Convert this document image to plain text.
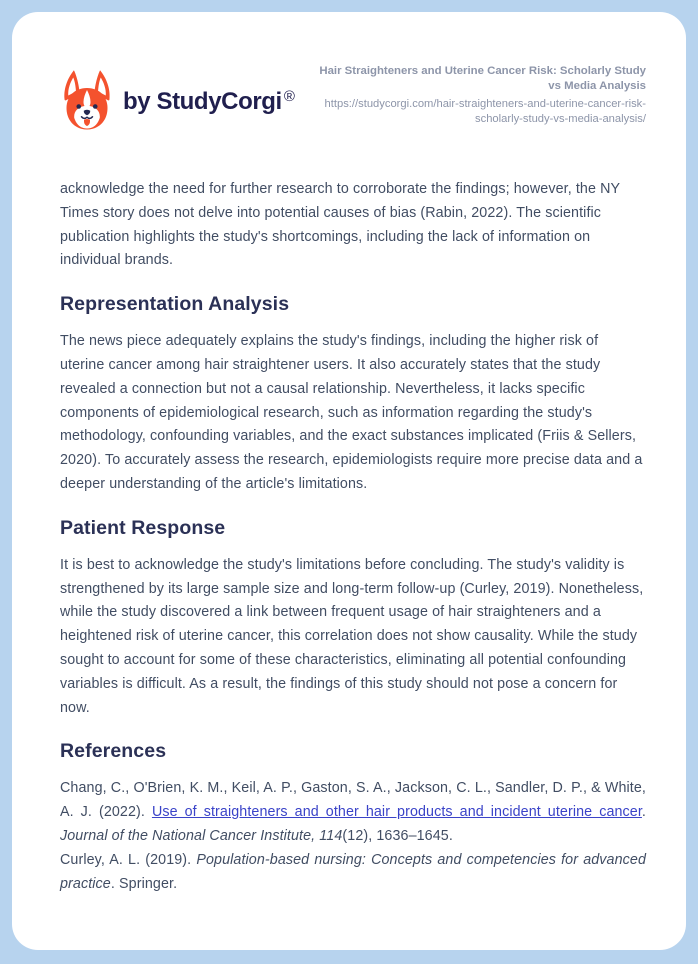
by StudyCorgi ®
Hair Straighteners and Uterine Cancer Risk: Scholarly Study vs Media Analysis
https://studycorgi.com/hair-straighteners-and-uterine-cancer-risk-scholarly-study-vs-media-analysis/

acknowledge the need for further research to corroborate the findings; however, the NY Times story does not delve into potential causes of bias (Rabin, 2022). The scientific publication highlights the study's shortcomings, including the lack of information on individual brands.

Representation Analysis

The news piece adequately explains the study's findings, including the higher risk of uterine cancer among hair straightener users. It also accurately states that the study revealed a connection but not a causal relationship. Nevertheless, it lacks specific components of epidemiological research, such as information regarding the study's methodology, confounding variables, and the exact substances implicated (Friis & Sellers, 2020). To accurately assess the research, epidemiologists require more precise data and a deeper understanding of the article's limitations.

Patient Response

It is best to acknowledge the study's limitations before concluding. The study's validity is strengthened by its large sample size and long-term follow-up (Curley, 2019). Nonetheless, while the study discovered a link between frequent usage of hair straighteners and a heightened risk of uterine cancer, this correlation does not show causality. While the study sought to account for some of these characteristics, eliminating all potential confounding variables is difficult. As a result, the findings of this study should not pose a concern for now.

References

Chang, C., O'Brien, K. M., Keil, A. P., Gaston, S. A., Jackson, C. L., Sandler, D. P., & White, A. J. (2022). Use of straighteners and other hair products and incident uterine cancer. Journal of the National Cancer Institute, 114(12), 1636–1645.

Curley, A. L. (2019). Population-based nursing: Concepts and competencies for advanced practice. Springer.
